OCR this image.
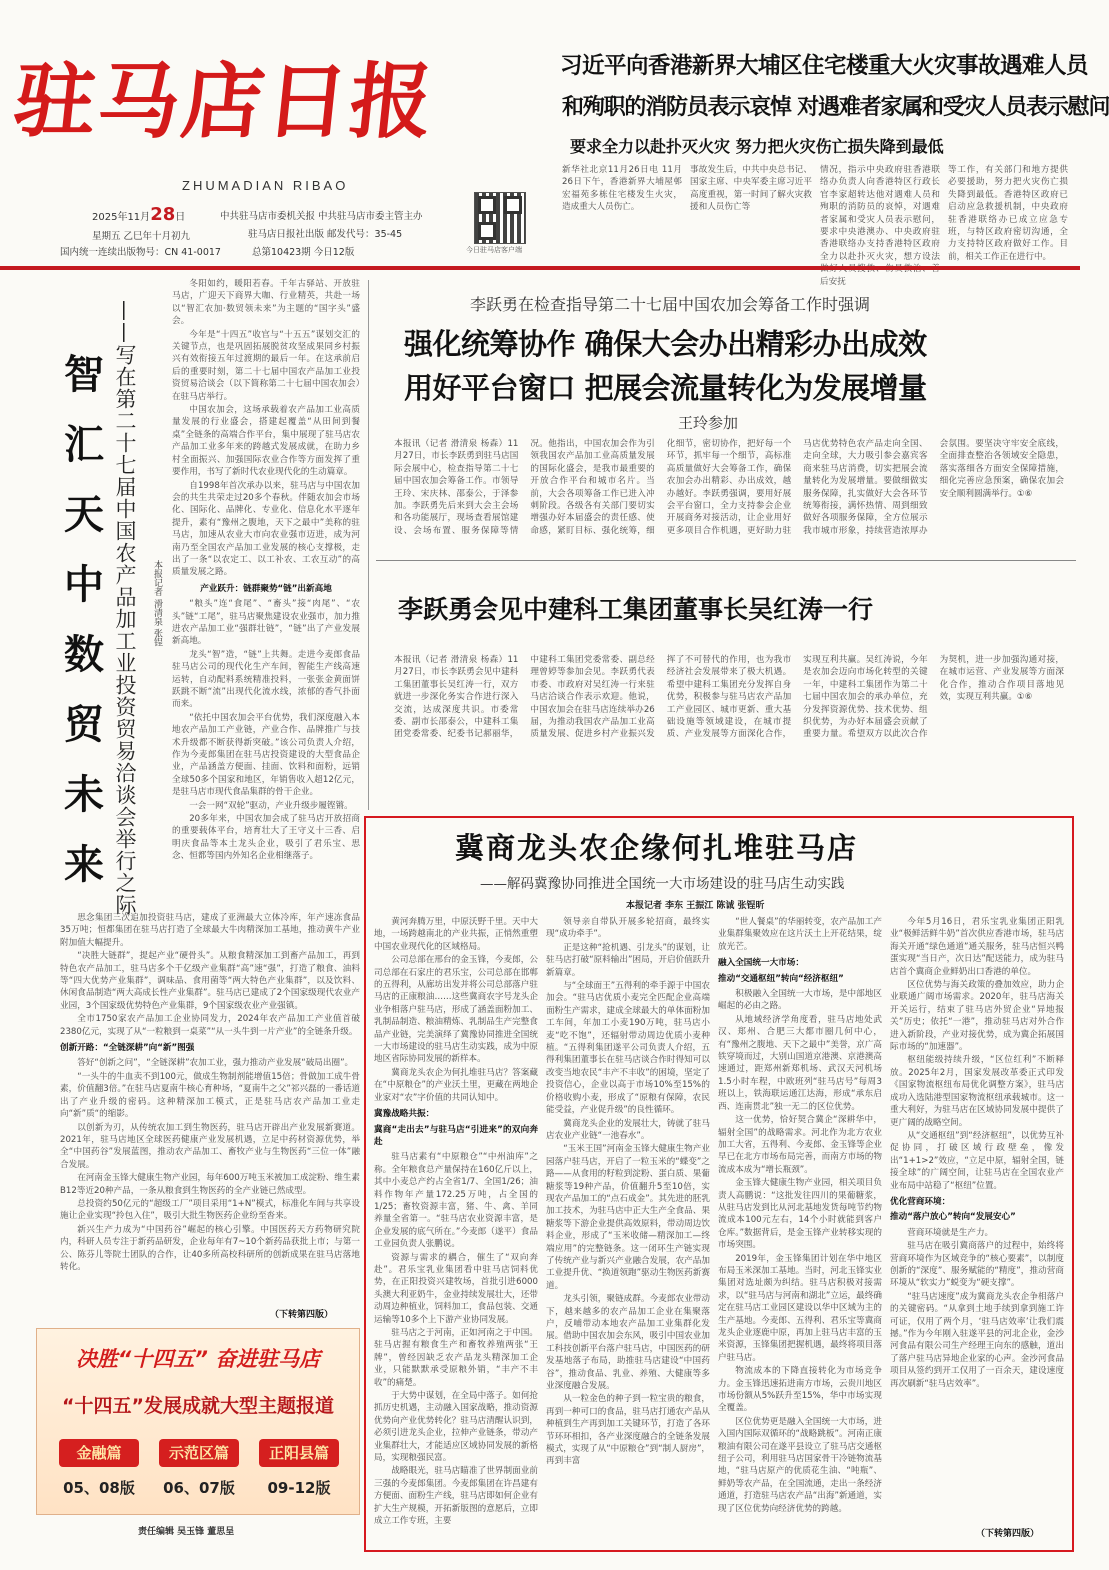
驻马店日报
ZHUMADIAN RIBAO
2025年11月28日
星期五 乙巳年十月初九
国内统一连续出版物号：CN 41-0017
中共驻马店市委机关报 中共驻马店市委主管主办
驻马店日报社出版 邮发代号：35-45
总第10423期 今日12版	今日驻马店客户端
习近平向香港新界大埔区住宅楼重大火灾事故遇难人员
和殉职的消防员表示哀悼 对遇难者家属和受灾人员表示慰问
要求全力以赴扑灭火灾 努力把火灾伤亡损失降到最低
新华社北京11月26日电 11月26日下午，香港新界大埔屋邨宏福苑多栋住宅楼发生火灾，造成重大人员伤亡。
事故发生后，中共中央总书记、国家主席、中央军委主席习近平高度重视，第一时间了解火灾救援和人员伤亡等
情况，指示中央政府驻香港联络办负责人向香港特区行政长官李家超转达他对遇难人员和殉职的消防员的哀悼，对遇难者家属和受灾人员表示慰问，要求中央港澳办、中央政府驻香港联络办支持香港特区政府全力以赴扑灭火灾，想方设法 后安抚
等工作，有关部门和地方提供必要援助，努力把火灾伤亡损失降到最低。香港特区政府已启动应急救援机制，中央政府驻香港联络办已成立应急专班，与特区政府密切沟通，全力支持特区政府做好工作。目前，相关工作正在进行中。
智
汇
天
中
数
贸
未
来 ——写在第二十七届中国农产品加工业投资贸易洽谈会举行之际	本报记者 滑清泉 张锃

冬阳如约，暖阳若春。千年古驿站、开放驻马店，广迎天下商界大咖、行业精英，共赴一场以“智汇农加·数贸领未来”为主题的“国字头”盛会。

今年是“十四五”收官与“十五五”谋划交汇的关键节点，也是巩固拓展脱贫攻坚成果同乡村振兴有效衔接五年过渡期的最后一年。在这承前启后的重要时刻，第二十七届中国农产品加工业投资贸易洽谈会（以下简称第二十七届中国农加会）在驻马店举行。

中国农加会，这场承载着农产品加工业高质量发展的行业盛会，搭建起覆盖“从田间到餐桌”全链条的高端合作平台，集中展现了驻马店农产品加工业多年来的跨越式发展成就，在助力乡村全面振兴、加强国际农业合作等方面发挥了重要作用，书写了新时代农业现代化的生动篇章。

自1998年首次承办以来，驻马店与中国农加会的共生共荣走过20多个春秋。伴随农加会市场化、国际化、品牌化、专业化、信息化水平逐年提升，素有“豫州之腹地，天下之最中”美称的驻马店，加速从农业大市向农业强市迈进，成为河南乃至全国农产品加工业发展的核心支撑极，走出了一条“以农定工、以工补农、工农互动”的高质量发展之路。

产业跃升：链群聚势“链”出新高地

“粮头”连“食尾”、“畜头”接“肉尾”、“农头”链“工尾”，驻马店聚焦建设农业强市，加力推进农产品加工业“强群壮链”，“链”出了产业发展新高地。

龙头“智”造，“链”上共舞。走进今麦郎食品驻马店公司的现代化生产车间，智能生产线高速运转，自动配料系统精准投料，一张张金黄面饼跃跳不断“流”出现代化流水线，浓郁的香气扑面而来。

“依托中国农加会平台优势，我们深度融入本地农产品加工产业链，产业合作、品牌推广与技术升级都不断获得新突破。”该公司负责人介绍，作为今麦郎集团在驻马店投资建设的大型食品企业，产品涵盖方便面、挂面、饮料和面粉，远销全球50多个国家和地区，年销售收入超12亿元，是驻马店市现代食品集群的骨干企业。

一会一网“双轮”驱动，产业升级步履铿锵。

20多年来，中国农加会成了驻马店开放招商的重要载体平台，培育壮大了王守义十三香、启明庆食品等本土龙头企业，吸引了君乐宝、思念、恒都等国内外知名企业相继落子。

思念集团三次追加投资驻马店，建成了亚洲最大立体冷库，年产速冻食品35万吨；恒都集团在驻马店打造了全球最大牛肉精深加工基地，推动黄牛产业附加值大幅提升。

“决胜大链群”，提起产业“硬骨头”。从粮食精深加工到畜产品加工，再到特色农产品加工，驻马店多个千亿级产业集群“高”速“强”，打造了粮食、油料等“四大优势产业集群”，调味品、食用菌等“两大特色产业集群”，以及饮料、休闲食品制造“两大高成长性产业集群”。驻马店已建成了2个国家级现代农业产业园，3个国家级优势特色产业集群，9个国家级农业产业强镇。

全市1750家农产品加工企业协同发力，2024年农产品加工产业值首破2380亿元，实现了从“一粒粮到一桌菜”“从一头牛到一片产业”的全链条升级。

创新开路：“全链深耕”向“新”图强

答好“创新之问”，“全链深耕”农加工业，强力推动产业发展“破局出圈”。

“一头牛的牛血卖不到100元，做成生物制剂能增值15倍；骨做加工成牛骨素，价值翻3倍。”在驻马店夏南牛核心育种场，“夏南牛之父”祁兴磊的一番话道出了产业升级的密码。这种精深加工模式，正是驻马店农产品加工业走向“新”质“的缩影。

以创新为刃，从传统农加工到生物医药，驻马店开辟出产业发展新赛道。2021年，驻马店地区全球医药健康产业发展机遇，立足中药材资源优势，举全“中国药谷”发展蓝图，推动农产品加工、畜牧产业与生物医药“三位一体”融合发展。

在河南金玉锋大健康生物产业园，每年600万吨玉米被加工成淀粉、维生素B12等近20种产品，一条从粮食到生物医药的全产业链已然成型。

总投资约50亿元的“超级工厂”项目采用“1+N”模式，标准化车间与共享设施让企业实现“拎包入住”，吸引大批生物医药企业纷至沓来。

新兴生产力成为“中国药谷”崛起的核心引擎。中国医药天方药物研究院内，科研人员专注于新药品研发，企业每年有7~10个新药品获批上市；与第一公、陈芬儿等院士团队的合作，让40多所高校科研所的创新成果在驻马店落地转化。

（下转第四版）
决胜“十四五” 奋进驻马店
“十四五”发展成就大型主题报道
金融篇	示范区篇	正阳县篇
05、08版	06、07版	09-12版
责任编辑 吴玉锋 董思呈
李跃勇在检查指导第二十七届中国农加会筹备工作时强调
强化统筹协作 确保大会办出精彩办出成效
用好平台窗口 把展会流量转化为发展增量
王玲参加
本报讯（记者 滑清泉 杨森）11月27日，市长李跃勇到驻马店国际会展中心，检查指导第二十七届中国农加会筹备工作。市领导王玲、宋庆林、邵泰公，于泽参加。李跃勇先后来到大会主会场和各功能展厅，现场查看展馆建设、会场布置、服务保障等情况。他指出，中国农加会作为引领我国农产品加工业高质量发展的国际化盛会，是我市最重要的开放合作平台和城市名片。当前，大会各项筹备工作已进入冲刺阶段。各级各有关部门要切实增强办好本届盛会的责任感、使命感，紧盯目标、强化统筹，细化细节，密切协作，把好每一个环节，抓牢每一个细节，高标准高质量做好大会筹备工作，确保农加会办出精彩、办出成效，越办越好。李跃勇强调，要用好展会平台窗口，全力支持参会企业开展商务对接活动，让企业用好更多项目合作机遇，更好助力驻马店优势特色农产品走向全国、走向全球，大力吸引参会嘉宾客商来驻马店消费，切实把展会流量转化为发展增量。要做细做实服务保障，扎实做好大会各环节统筹衔接，满怀热情、周到细致做好各项服务保障，全方位展示我市城市形象，持续营造浓厚办会氛围。要坚决守牢安全底线，全面排查整治各领域安全隐患，落实落细各方面安全保障措施，细化完善应急预案，确保农加会安全顺利圆满举行。①⑥
李跃勇会见中建科工集团董事长吴红涛一行
本报讯（记者 滑清泉 杨森）11月27日，市长李跃勇会见中建科工集团董事长吴红涛一行，双方就进一步深化务实合作进行深入交流，达成深度共识。市委常委、副市长邵泰公，中建科工集团党委常委、纪委书记郝丽华，中建科工集团党委常委、副总经理曾婷等参加会见。李跃勇代表市委、市政府对吴红涛一行来驻马店洽谈合作表示欢迎。他说，中国农加会在驻马店连续举办26届，为推动我国农产品加工业高质量发展、促进乡村产业振兴发挥了不可替代的作用，也为我市经济社会发展带来了极大机遇。希望中建科工集团充分发挥自身优势，积极参与驻马店农产品加工产业园区、城市更新、重大基础设施等领域建设，在城市提质、产业发展等方面深化合作，实现互利共赢。吴红涛说，今年是农加会迈向市场化转型的关键一年，中建科工集团作为第二十七届中国农加会的承办单位，充分发挥资源优势、技术优势、组织优势，为办好本届盛会贡献了重要力量。希望双方以此次合作为契机，进一步加强沟通对接，在城市运营、产业发展等方面深化合作，推动合作项目落地见效，实现互利共赢。①⑥
冀商龙头农企缘何扎堆驻马店
——解码冀豫协同推进全国统一大市场建设的驻马店生动实践
本报记者 李东 王振江 陈诚 张锃昕

黄河奔腾万里，中原沃野千里。天中大地，一场跨越南北的产业共振，正悄然重塑中国农业现代化的区域格局。

公司总部在邢台的金玉锋，今麦郎，公司总部在石家庄的君乐宝，公司总部在邯郸的五得利，从廊坊出发并将公司总部落户驻马店的正康粮油……这些冀商农字号龙头企业争相落户驻马店，形成了涵盖面粉加工、乳制品制造、粮油精炼、乳制品生产完整食品产业链，完美演绎了冀豫协同推进全国统一大市场建设的驻马店生动实践，成为中原地区省际协同发展的新样本。

冀商龙头农企为何扎堆驻马店？答案藏在“中原粮仓”的产业沃土里，更藏在两地企业家对“农”字价值的共同认知中。

冀豫战略共振：

冀商“走出去”与驻马店“引进来”的双向奔赴

驻马店素有“中原粮仓”“中州油库”之称。全年粮食总产量保持在160亿斤以上，其中小麦总产约占全省1/7、全国1/26；油料作物年产量172.25万吨，占全国的1/25；畜牧资源丰富，猪、牛、禽、羊同养量全省第一。“驻马店农业资源丰富，是企业发展的底气所在。”今麦郎（遂平）食品工业园负责人张鹏说。

资源与需求的耦合，催生了“双向奔赴”。君乐宝乳业集团看中驻马店饲料优势，在正阳投资兴建牧场，首批引进6000头澳大利亚奶牛，金业持续发展壮大，还带动周边种植业，饲料加工，食品包装、交通运输等10多个上下游产业协同发展。

驻马店之于河南，正如河南之于中国。驻马店握有粮食生产和畜牧养殖两张“王牌”，曾经因缺乏农产品龙头精深加工企业，只能默默承受原粮外销，“丰产不丰收”的痛楚。

于大势中谋划，在全局中落子。如何抢抓历史机遇，主动融入国家战略，推动资源优势向产业优势转化？驻马店清醒认识到，必须引进龙头企业，拉伸产业链条，带动产业集群壮大，才能适应区域协同发展的新格局，实现粮强民富。

战略眼光，驻马店瞄准了世界制面业前三强的今麦郎集团。今麦郎集团在许昌建有方便面、面粉生产线，驻马店即如何企业有扩大生产规模，开拓新版图的意愿后，立即成立工作专班，主要

领导亲自带队开展多轮招商，最终实现“成功牵手”。

正是这种“抢机遇、引龙头”的谋划，让驻马店打破“原料输出”困局，开启价值跃升新篇章。

与“全球面王”五得利的牵手源于中国农加会。“驻马店优质小麦完全匹配企业高端面粉生产需求，建成全球最大的单体面粉加工车间，年加工小麦190万吨，驻马店小麦“吃不饱”，还辐射带动周边优质小麦种植。“五得利集团遂平公司负责人介绍，五得利集团董事长在驻马店谈合作时得知可以改变当地农民“丰产不丰收”的困境，坚定了投资信心，企业以高于市场10%至15%的价格收购小麦，形成了“原粮有保障，农民能受益，产业促升级”的良性循环。

冀商龙头企业的发展壮大，铸就了驻马店农业产业链“一池春水”。

“玉米王国”河南金玉锋大健康生物产业园落户驻马店，开启了一粒玉米的“蝶变”之路——从食用的籽粒到淀粉、蛋白质、果葡糖浆等19种产品，价值翻升5至10倍，实现农产品加工的“点石成金”。其先进的胚乳加工技术，为驻马店中正大生产全食品、果糖浆等下游企业提供高效原料，带动周边饮料企业，形成了“玉米收储—精深加工—终端应用”的完整链条。这一闭环生产链实现了传统产业与新兴产业融合发展，农产品加工业提升优、“换道领跑”驱动生物医药新赛道。

龙头引领，聚链成群。今麦郎农业带动下，越来越多的农产品加工企业在集聚落户，反哺带动本地农产品加工业集群化发展。借助中国农加会东风，吸引中国农业加工科技创新平台落户驻马店，中国医药的研发基地落子布局，助推驻马店建设“中国药谷”，推动食品、乳业、养殖、大健康等多业深度融合发展。

从一粒金色的种子到一粒宝贵的粮食，再到一种可口的食品，驻马店打通农产品从种植到生产再到加工关键环节，打造了各环节环环相扣，各产业深度融合的全链条发展模式，实现了从“中原粮仓”到“制人厨房”，再到丰富

“世人餐桌”的华丽转变，农产品加工产业集群集聚效应在这片沃土上开花结果，绽放光芒。

融入全国统一大市场：

推动“交通枢纽”转向“经济枢纽”

积极融入全国统一大市场，是中部地区崛起的必由之路。

从地域经济学角度看，驻马店地处武汉、郑州、合肥三大都市圈几何中心，有“豫州之腹地、天下之最中”美誉，京广高铁穿境而过，大别山国道京港澳、京港澳高速通过，距郑州新郑机场、武汉天河机场1.5小时车程，中欧班列“驻马店号”每周3班以上，铁海联运通江达海，形成“承东启西、连南贯北”独一无二的区位优势。

这一优势，恰好契合冀企“深耕华中，辐射全国”的战略需求。河北作为北方农业加工大省，五得利、今麦郎、金玉锋等企业早已在北方市场布局完善，而南方市场的物流成本成为“增长瓶颈”。

金玉锋大健康生物产业园，相关项目负责人高鹏说：“这批发往四川的果葡糖浆，从驻马店发到比从河北基地发货每吨节约物流成本100元左右，14个小时就能到客户仓库。”数据背后，是金玉锋产业转移实现的市场突围。

2019年，金玉锋集团计划在华中地区布局玉米深加工基地。当时，河北玉锋实业集团对选址颇为纠结。驻马店积极对接需求，以“驻马店与河南和湖北”立运，最终确定在驻马店工业园区建设以华中区域为主的生产基地。今麦郎、五得利、君乐宝等冀商龙头企业逐鹿中原，再加上驻马店丰富的玉米资源，玉锋集团把握机遇，最终将项目落户驻马店。

物流成本的下降直接转化为市场竞争力。金玉锋迅速拓进南方市场，云贵川地区市场份额从5%跃升至15%，华中市场实现全覆盖。

区位优势更是融入全国统一大市场，进入国内国际双循环的“战略跳板”。河南正康粮油有限公司在遂平县设立了驻马店交通枢纽子公司，利用驻马店国家骨干冷链物流基地，“驻马店原产的优质花生油、“吨瓶”、鲜奶等农产品，在全国流通，走出一条经济通道，打造驻马店农产品“出海”新通道，实现了区位优势向经济优势的跨越。

今年5月16日，君乐宝乳业集团正阳乳业“极鲜活鲜牛奶”首次供应香港市场，驻马店海关开通“绿色通道”通关服务，驻马店恒兴鸭蛋实现“当日产，次日达”配送能力，成为驻马店首个冀商企业鲜奶出口香港的单位。

区位优势与海关政策的叠加效应，助力企业联通广阔市场需求。2020年，驻马店海关开关运行，结束了驻马店外贸企业“异地报关”历史；依托“一港”，推动驻马店对外合作进入新阶段，产业对接优势，成为冀企拓展国际市场的“加速器”。

枢纽能级持续升级，“区位红利”不断释放。2025年2月，国家发展改革委正式印发《国家物流枢纽布局优化调整方案》，驻马店成功入选陆港型国家物流枢纽承载城市。这一重大利好，为驻马店在区域协同发展中提供了更广阔的战略空间。

从“交通枢纽”到“经济枢纽”，以优势互补促协同，打破区域行政壁垒，像发出“1+1>2”效应，“立足中原，辐射全国，链接全球”的广阔空间，让驻马店在全国农业产业布局中站稳了“枢纽”位置。

优化营商环境：

推动“落户放心”转向“发展安心”

营商环境就是生产力。

驻马店在吸引冀商落户的过程中，始终将营商环境作为区域竞争的“核心要素”，以制度创新的“深度”、服务赋能的“精度”，推动营商环境从“软实力”蜕变为“硬支撑”。

“驻马店速度”成为冀商龙头农企争相落户的关键密码。“从拿到土地手续到拿到施工许可证，仅用了两个月，‘驻马店效率’让我们震撼。”作为今年刚入驻遂平县的河北企业，金沙河食品有限公司生产经理王向东的感触，道出了落户驻马店异地企业家的心声。金沙河食品项目从签约到开工仅用了一百余天，建设速度再次刷新“驻马店效率”。

（下转第四版）
